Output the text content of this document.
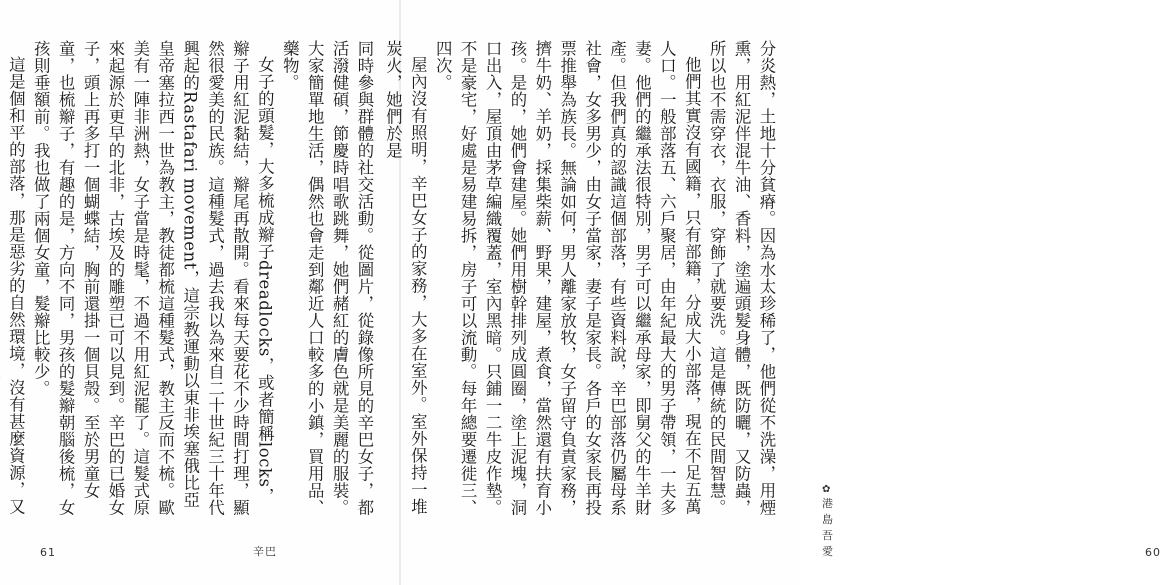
同時參與群體的社交活動。從圖片，從錄像所見的辛巴女子，都活潑健碩，節慶時唱歌跳舞，她們赭紅的膚色就是美麗的服裝。大家簡單地生活，偶然也會走到鄰近人口較多的小鎮，買用品、藥物。

女子的頭髮，大多梳成辮子dreadlocks，或者簡稱locks，辮子用紅泥黏結，辮尾再散開。看來每天要花不少時間打理，顯然很愛美的民族。這種髮式，過去我以為來自二十世紀三十年代興起的Rastafari movement，這宗教運動以東非埃塞俄比亞皇帝塞拉西一世為教主，教徒都梳這種髮式，教主反而不梳。歐美有一陣非洲熱，女子當是時髦，不過不用紅泥罷了。這髮式原來起源於更早的北非，古埃及的雕塑已可以見到。辛巴的已婚女子，頭上再多打一個蝴蝶結，胸前還掛一個貝殼。至於男童女童，也梳辮子，有趣的是，方向不同，男孩的髮辮朝腦後梳，女孩則垂額前。我也做了兩個女童，髮辮比較少。

這是個和平的部落，那是惡劣的自然環境，沒有甚麼資源，又

61	辛巴

分炎熱，土地十分貧瘠。因為水太珍稀了，他們從不洗澡，用煙熏，用紅泥伴混牛油、香料，塗遍頭髮身體，既防曬，又防蟲，所以也不需穿衣，衣服，穿飾了就要洗。這是傳統的民間智慧。

他們其實沒有國籍，只有部籍，分成大小部落，現在不足五萬人口。一般部落五、六戶聚居，由年紀最大的男子帶領，一夫多妻。他們的繼承法很特別，男子可以繼承母家，即舅父的牛羊財產。但我們真的認識這個部落，有些資料說，辛巴部落仍屬母系社會，女多男少，由女子當家，妻子是家長。各戶的女家長再投票推舉為族長。無論如何，男人離家放牧，女子留守負責家務，擠牛奶、羊奶，採集柴薪、野果，建屋，煮食，當然還有扶育小孩。是的，她們會建屋。她們用樹幹排列成圓圈，塗上泥塊，洞口出入，屋頂由茅草編織覆蓋，室內黑暗。只鋪一二牛皮作墊。不是豪宅，好處是易建易拆，房子可以流動。每年總要遷徙三、四次。

屋內沒有照明，辛巴女子的家務，大多在室外。室外保持一堆炭火，她們於是

✿港島吾愛	60
